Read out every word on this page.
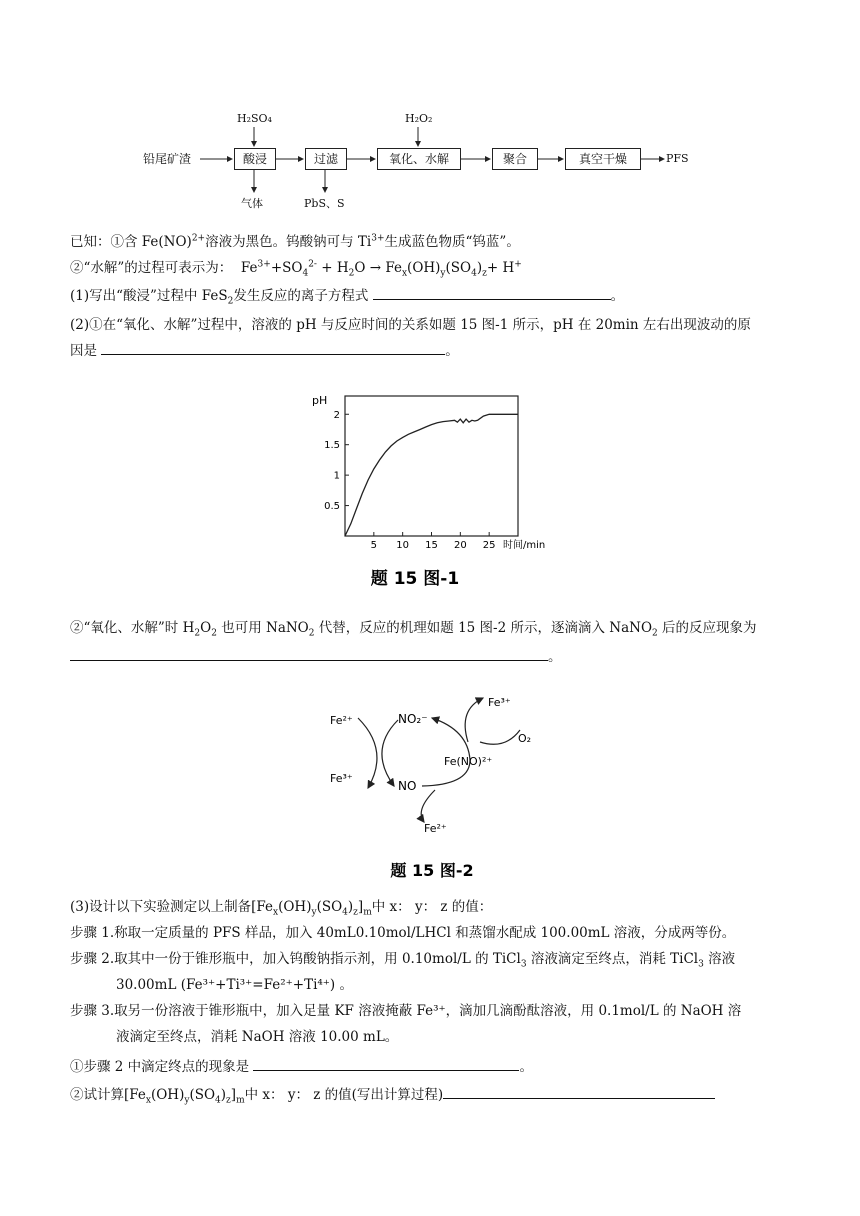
铅尾矿渣
H₂SO₄	H₂O₂
酸浸	过滤	氧化、水解	聚合	真空干燥	PFS
气体	PbS、S
已知：①含 Fe(NO)$^{2+}$溶液为黑色。钨酸钠可与 $Ti^{3+}$生成蓝色物质“钨蓝”。
②“水解”的过程可表示为： $Fe^{3+}+SO_4^{2-} + H_2O \to Fe_x(OH)_y(SO_4)_z+ H^+$
(1)写出“酸浸”过程中 FeS$_2$发生反应的离子方程式	。
(2)①在“氧化、水解”过程中，溶液的 pH 与反应时间的关系如题 15 图-1 所示，pH 在 20min 左右出现波动的原
因是	。
pH
时间/min
5 10 15 20 25
0.5
1
1.5
2
题 15 图-1
②“氧化、水解”时 $H_2O_2$ 也可用 NaNO$_2$ 代替，反应的机理如题 15 图-2 所示，逐滴滴入 NaNO$_2$ 后的反应现象为
。
Fe²⁺
Fe³⁺
NO₂⁻
NO
Fe³⁺
Fe(NO)²⁺
O₂
Fe²⁺
题 15 图-2
(3)设计以下实验测定以上制备$[Fe_x(OH)_y(SO_4)_z]_m$中 x： y： z 的值：
步骤 1.称取一定质量的 PFS 样品，加入 40mL0.10mol/LHCl 和蒸馏水配成 100.00mL 溶液，分成两等份。
步骤 2.取其中一份于锥形瓶中，加入钨酸钠指示剂，用 0.10mol/L 的 TiCl$_3$ 溶液滴定至终点，消耗 TiCl$_3$ 溶液
30.00mL (Fe³⁺+Ti³⁺=Fe²⁺+Ti⁴⁺) 。
步骤 3.取另一份溶液于锥形瓶中，加入足量 KF 溶液掩蔽 Fe³⁺，滴加几滴酚酞溶液，用 0.1mol/L 的 NaOH 溶
液滴定至终点，消耗 NaOH 溶液 10.00 mL。
①步骤 2 中滴定终点的现象是	。
②试计算$[Fe_x(OH)_y(SO_4)_z]_m$中 x： y： z 的值(写出计算过程)
